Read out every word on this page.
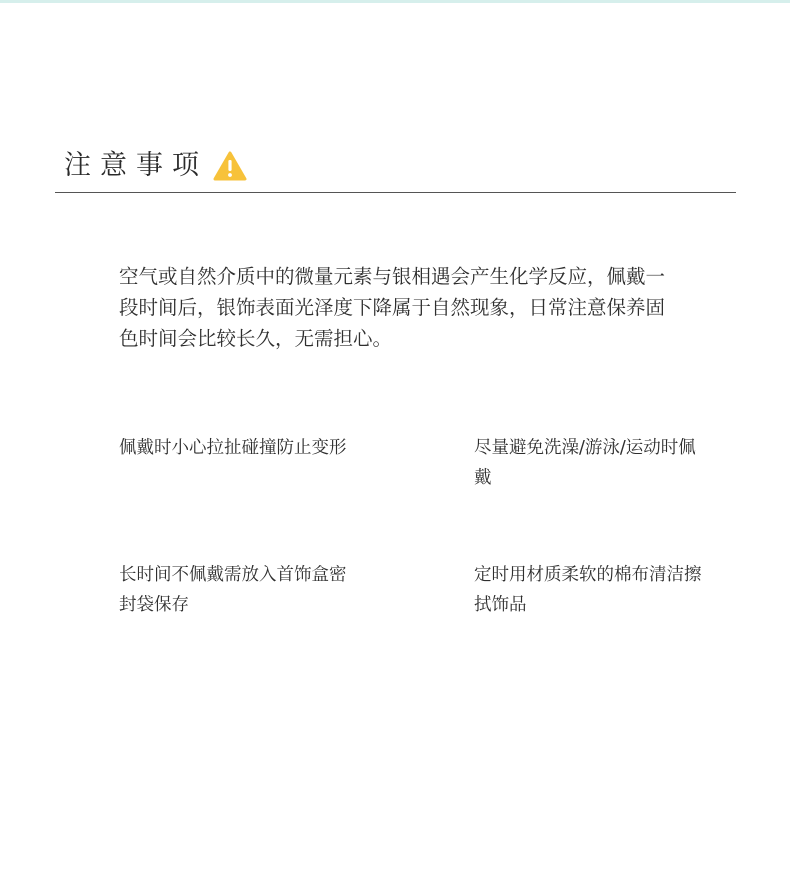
注意事项

空气或自然介质中的微量元素与银相遇会产生化学反应，佩戴一段时间后，银饰表面光泽度下降属于自然现象，日常注意保养固色时间会比较长久，无需担心。

佩戴时小心拉扯碰撞防止变形	尽量避免洗澡/游泳/运动时佩戴

长时间不佩戴需放入首饰盒密封袋保存

定时用材质柔软的棉布清洁擦拭饰品
